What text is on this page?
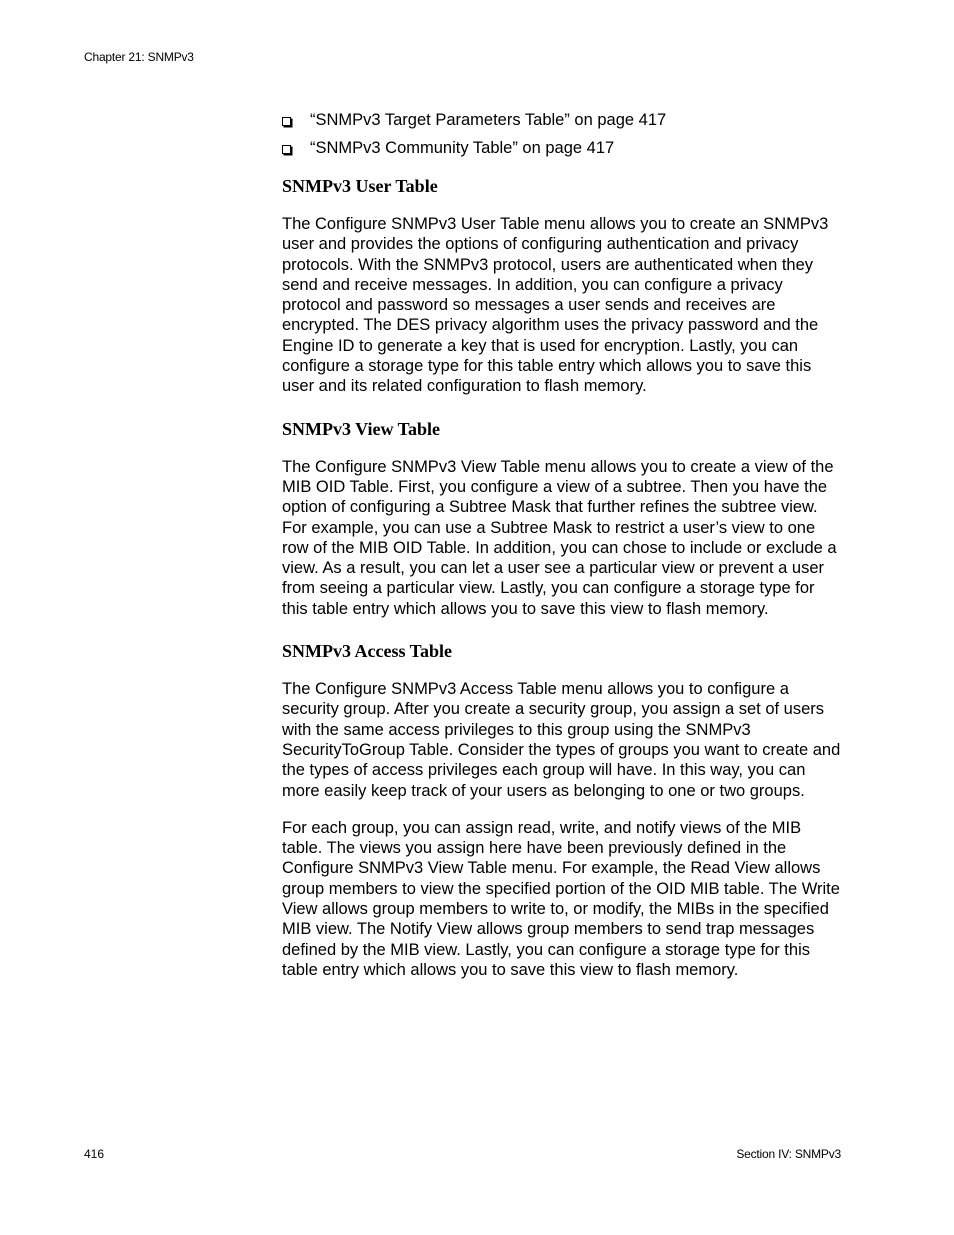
Chapter 21: SNMPv3
“SNMPv3 Target Parameters Table” on page 417
“SNMPv3 Community Table” on page 417
SNMPv3 User Table

The Configure SNMPv3 User Table menu allows you to create an SNMPv3 user and provides the options of configuring authentication and privacy protocols. With the SNMPv3 protocol, users are authenticated when they send and receive messages. In addition, you can configure a privacy protocol and password so messages a user sends and receives are encrypted. The DES privacy algorithm uses the privacy password and the Engine ID to generate a key that is used for encryption. Lastly, you can configure a storage type for this table entry which allows you to save this user and its related configuration to flash memory.

SNMPv3 View Table

The Configure SNMPv3 View Table menu allows you to create a view of the MIB OID Table. First, you configure a view of a subtree. Then you have the option of configuring a Subtree Mask that further refines the subtree view. For example, you can use a Subtree Mask to restrict a user’s view to one row of the MIB OID Table. In addition, you can chose to include or exclude a view. As a result, you can let a user see a particular view or prevent a user from seeing a particular view. Lastly, you can configure a storage type for this table entry which allows you to save this view to flash memory.

SNMPv3 Access Table

The Configure SNMPv3 Access Table menu allows you to configure a security group. After you create a security group, you assign a set of users with the same access privileges to this group using the SNMPv3 SecurityToGroup Table. Consider the types of groups you want to create and the types of access privileges each group will have. In this way, you can more easily keep track of your users as belonging to one or two groups.

For each group, you can assign read, write, and notify views of the MIB table. The views you assign here have been previously defined in the Configure SNMPv3 View Table menu. For example, the Read View allows group members to view the specified portion of the OID MIB table. The Write View allows group members to write to, or modify, the MIBs in the specified MIB view. The Notify View allows group members to send trap messages defined by the MIB view. Lastly, you can configure a storage type for this table entry which allows you to save this view to flash memory.

416	Section IV: SNMPv3
